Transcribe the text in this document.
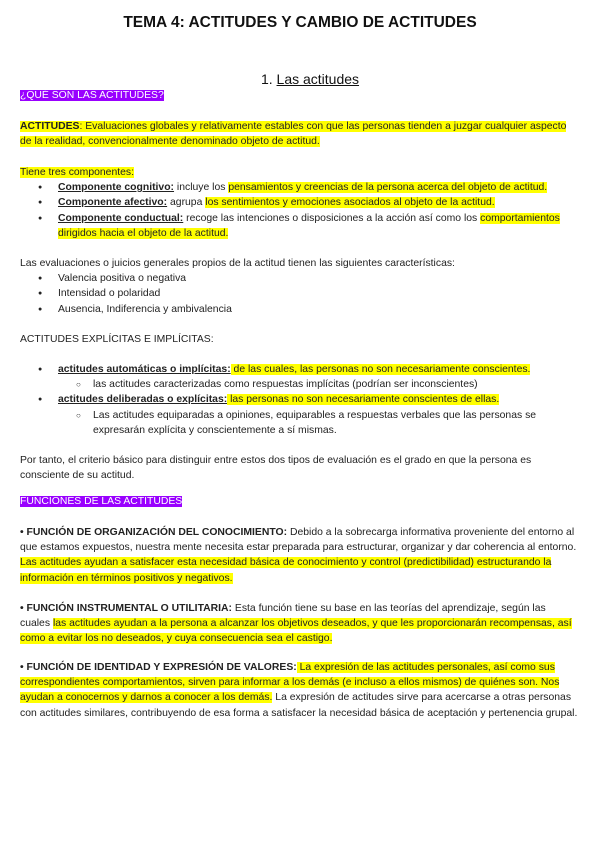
TEMA 4: ACTITUDES Y CAMBIO DE ACTITUDES
1. Las actitudes
¿QUÉ SON LAS ACTITUDES?

ACTITUDES: Evaluaciones globales y relativamente estables con que las personas tienden a juzgar cualquier aspecto de la realidad, convencionalmente denominado objeto de actitud.

Tiene tres componentes:

● Componente cognitivo: incluye los pensamientos y creencias de la persona acerca del objeto de actitud.
● Componente afectivo: agrupa los sentimientos y emociones asociados al objeto de la actitud.
● Componente conductual: recoge las intenciones o disposiciones a la acción así como los comportamientos dirigidos hacia el objeto de la actitud.

Las evaluaciones o juicios generales propios de la actitud tienen las siguientes características:

● Valencia positiva o negativa
● Intensidad o polaridad
● Ausencia, Indiferencia y ambivalencia
ACTITUDES EXPLÍCITAS E IMPLÍCITAS:
● actitudes automáticas o implícitas: de las cuales, las personas no son necesariamente conscientes.
○ las actitudes caracterizadas como respuestas implícitas (podrían ser inconscientes)
● actitudes deliberadas o explícitas: las personas no son necesariamente conscientes de ellas.
○ Las actitudes equiparadas a opiniones, equiparables a respuestas verbales que las personas se expresarán explícita y conscientemente a sí mismas.
Por tanto, el criterio básico para distinguir entre estos dos tipos de evaluación es el grado en que la persona es consciente de su actitud.
FUNCIONES DE LAS ACTITUDES

• FUNCIÓN DE ORGANIZACIÓN DEL CONOCIMIENTO: Debido a la sobrecarga informativa proveniente del entorno al que estamos expuestos, nuestra mente necesita estar preparada para estructurar, organizar y dar coherencia al entorno. Las actitudes ayudan a satisfacer esta necesidad básica de conocimiento y control (predictibilidad) estructurando la información en términos positivos y negativos.

• FUNCIÓN INSTRUMENTAL O UTILITARIA: Esta función tiene su base en las teorías del aprendizaje, según las cuales las actitudes ayudan a la persona a alcanzar los objetivos deseados, y que les proporcionarán recompensas, así como a evitar los no deseados, y cuya consecuencia sea el castigo.

• FUNCIÓN DE IDENTIDAD Y EXPRESIÓN DE VALORES: La expresión de las actitudes personales, así como sus correspondientes comportamientos, sirven para informar a los demás (e incluso a ellos mismos) de quiénes son. Nos ayudan a conocernos y darnos a conocer a los demás. La expresión de actitudes sirve para acercarse a otras personas con actitudes similares, contribuyendo de esa forma a satisfacer la necesidad básica de aceptación y pertenencia grupal.
